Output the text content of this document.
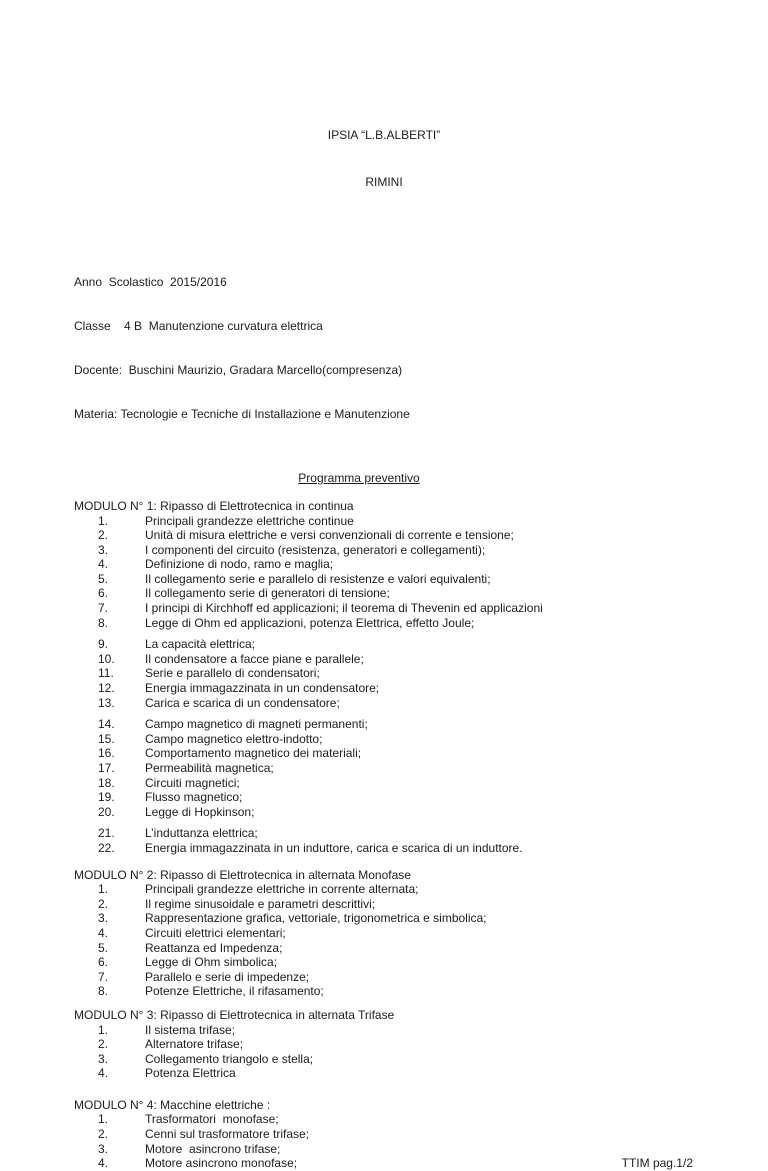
IPSIA “L.B.ALBERTI”

RIMINI

Anno  Scolastico  2015/2016

Classe    4 B  Manutenzione curvatura elettrica

Docente:  Buschini Maurizio, Gradara Marcello(compresenza)

Materia: Tecnologie e Tecniche di Installazione e Manutenzione

Programma preventivo
MODULO N° 1: Ripasso di Elettrotecnica in continua
1.	Principali grandezze elettriche continue
2.	Unità di misura elettriche e versi convenzionali di corrente e tensione;
3.	I componenti del circuito (resistenza, generatori e collegamenti);
4.	Definizione di nodo, ramo e maglia;
5.	Il collegamento serie e parallelo di resistenze e valori equivalenti;
6.	Il collegamento serie di generatori di tensione;
7.	I principi di Kirchhoff ed applicazioni; il teorema di Thevenin ed applicazioni
8.	Legge di Ohm ed applicazioni, potenza Elettrica, effetto Joule;
9.	La capacità elettrica;
10.	Il condensatore a facce piane e parallele;
11.	Serie e parallelo di condensatori;
12.	Energia immagazzinata in un condensatore;
13.	Carica e scarica di un condensatore;
14.	Campo magnetico di magneti permanenti;
15.	Campo magnetico elettro-indotto;
16.	Comportamento magnetico dei materiali;
17.	Permeabilità magnetica;
18.	Circuiti magnetici;
19.	Flusso magnetico;
20.	Legge di Hopkinson;
21.	L’induttanza elettrica;
22.	Energia immagazzinata in un induttore, carica e scarica di un induttore.
MODULO N° 2: Ripasso di Elettrotecnica in alternata Monofase
1.	Principali grandezze elettriche in corrente alternata;
2.	Il regime sinusoidale e parametri descrittivi;
3.	Rappresentazione grafica, vettoriale, trigonometrica e simbolica;
4.	Circuiti elettrici elementari;
5.	Reattanza ed Impedenza;
6.	Legge di Ohm simbolica;
7.	Parallelo e serie di impedenze;
8.	Potenze Elettriche, il rifasamento;
MODULO N° 3: Ripasso di Elettrotecnica in alternata Trifase
1.	Il sistema trifase;
2.	Alternatore trifase;
3.	Collegamento triangolo e stella;
4.	Potenza Elettrica
MODULO N° 4: Macchine elettriche :
1.	Trasformatori  monofase;
2.	Cenni sul trasformatore trifase;
3.	Motore  asincrono trifase;
4.	Motore asincrono monofase;	TTIM pag.1/2
